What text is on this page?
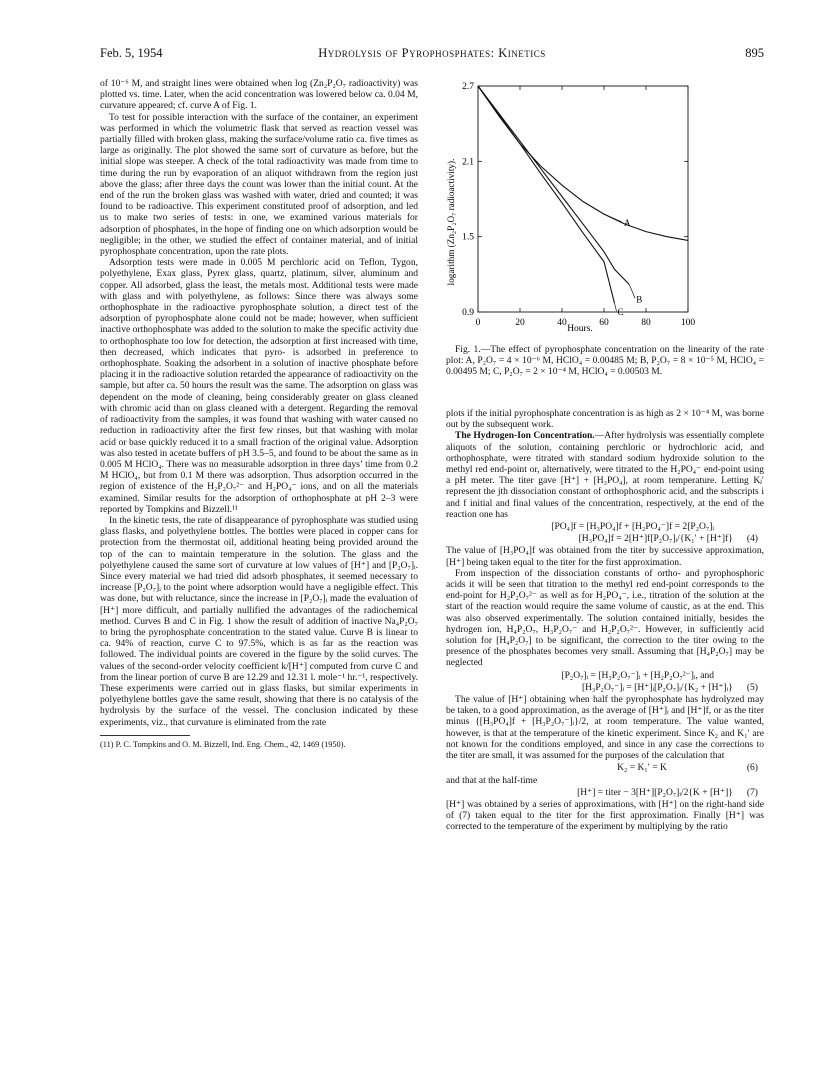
Feb. 5, 1954	Hydrolysis of Pyrophosphates: Kinetics	895

of 10⁻⁶ M, and straight lines were obtained when log (Zn₂P₂O₇ radioactivity) was plotted vs. time. Later, when the acid concentration was lowered below ca. 0.04 M, curvature appeared; cf. curve A of Fig. 1.

To test for possible interaction with the surface of the container, an experiment was performed in which the volumetric flask that served as reaction vessel was partially filled with broken glass, making the surface/volume ratio ca. five times as large as originally. The plot showed the same sort of curvature as before, but the initial slope was steeper. A check of the total radioactivity was made from time to time during the run by evaporation of an aliquot withdrawn from the region just above the glass; after three days the count was lower than the initial count. At the end of the run the broken glass was washed with water, dried and counted; it was found to be radioactive. This experiment constituted proof of adsorption, and led us to make two series of tests: in one, we examined various materials for adsorption of phosphates, in the hope of finding one on which adsorption would be negligible; in the other, we studied the effect of container material, and of initial pyrophosphate concentration, upon the rate plots.

Adsorption tests were made in 0.005 M perchloric acid on Teflon, Tygon, polyethylene, Exax glass, Pyrex glass, quartz, platinum, silver, aluminum and copper. All adsorbed, glass the least, the metals most. Additional tests were made with glass and with polyethylene, as follows: Since there was always some orthophosphate in the radioactive pyrophosphate solution, a direct test of the adsorption of pyrophosphate alone could not be made; however, when sufficient inactive orthophosphate was added to the solution to make the specific activity due to orthophosphate too low for detection, the adsorption at first increased with time, then decreased, which indicates that pyro- is adsorbed in preference to orthophosphate. Soaking the adsorbent in a solution of inactive phosphate before placing it in the radioactive solution retarded the appearance of radioactivity on the sample, but after ca. 50 hours the result was the same. The adsorption on glass was dependent on the mode of cleaning, being considerably greater on glass cleaned with chromic acid than on glass cleaned with a detergent. Regarding the removal of radioactivity from the samples, it was found that washing with water caused no reduction in radioactivity after the first few rinses, but that washing with molar acid or base quickly reduced it to a small fraction of the original value. Adsorption was also tested in acetate buffers of pH 3.5–5, and found to be about the same as in 0.005 M HClO₄. There was no measurable adsorption in three days’ time from 0.2 M HClO₄, but from 0.1 M there was adsorption. Thus adsorption occurred in the region of existence of the H₂P₂O₇²⁻ and H₂PO₄⁻ ions, and on all the materials examined. Similar results for the adsorption of orthophosphate at pH 2–3 were reported by Tompkins and Bizzell.¹¹

In the kinetic tests, the rate of disappearance of pyrophosphate was studied using glass flasks, and polyethylene bottles. The bottles were placed in copper cans for protection from the thermostat oil, additional heating being provided around the top of the can to maintain temperature in the solution. The glass and the polyethylene caused the same sort of curvature at low values of [H⁺] and [P₂O₇]ᵢ. Since every material we had tried did adsorb phosphates, it seemed necessary to increase [P₂O₇]ᵢ to the point where adsorption would have a negligible effect. This was done, but with reluctance, since the increase in [P₂O₇]ᵢ made the evaluation of [H⁺] more difficult, and partially nullified the advantages of the radiochemical method. Curves B and C in Fig. 1 show the result of addition of inactive Na₄P₂O₇ to bring the pyrophosphate concentration to the stated value. Curve B is linear to ca. 94% of reaction, curve C to 97.5%, which is as far as the reaction was followed. The individual points are covered in the figure by the solid curves. The values of the second-order velocity coefficient k/[H⁺] computed from curve C and from the linear portion of curve B are 12.29 and 12.31 l. mole⁻¹ hr.⁻¹, respectively. These experiments were carried out in glass flasks, but similar experiments in polyethylene bottles gave the same result, showing that there is no catalysis of the hydrolysis by the surface of the vessel. The conclusion indicated by these experiments, viz., that curvature is eliminated from the rate

(11) P. C. Tompkins and O. M. Bizzell, Ind. Eng. Chem., 42, 1469 (1950).

0	20	40	60	80	100
0.9
1.5
2.1
2.7
A
B
C
logarithm (Zn₂P₂O₇ radioactivity).
Hours.
Fig. 1.—The effect of pyrophosphate concentration on the linearity of the rate plot: A, P₂O₇ = 4 × 10⁻⁶ M, HClO₄ = 0.00485 M; B, P₂O₇ = 8 × 10⁻⁵ M, HClO₄ = 0.00495 M; C, P₂O₇ = 2 × 10⁻⁴ M, HClO₄ = 0.00503 M.

plots if the initial pyrophosphate concentration is as high as 2 × 10⁻⁴ M, was borne out by the subsequent work.

The Hydrogen-Ion Concentration.—After hydrolysis was essentially complete aliquots of the solution, containing perchloric or hydrochloric acid, and orthophosphate, were titrated with standard sodium hydroxide solution to the methyl red end-point or, alternatively, were titrated to the H₂PO₄⁻ end-point using a pH meter. The titer gave [H⁺] + [H₃PO₄], at room temperature. Letting Kⱼ′ represent the jth dissociation constant of orthophosphoric acid, and the subscripts i and f initial and final values of the concentration, respectively, at the end of the reaction one has

[PO₄]f = [H₃PO₄]f + [H₂PO₄⁻]f = 2[P₂O₇]ᵢ
[H₃PO₄]f = 2[H⁺]f[P₂O₇]ᵢ/{K₁′ + [H⁺]f} (4)

The value of [H₃PO₄]f was obtained from the titer by successive approximation, [H⁺] being taken equal to the titer for the first approximation.

From inspection of the dissociation constants of ortho- and pyrophosphoric acids it will be seen that titration to the methyl red end-point corresponds to the end-point for H₂P₂O₇²⁻ as well as for H₂PO₄⁻, i.e., titration of the solution at the start of the reaction would require the same volume of caustic, as at the end. This was also observed experimentally. The solution contained initially, besides the hydrogen ion, H₄P₂O₇, H₃P₂O₇⁻ and H₂P₂O₇²⁻. However, in sufficiently acid solution for [H₄P₂O₇] to be significant, the correction to the titer owing to the presence of the phosphates becomes very small. Assuming that [H₄P₂O₇] may be neglected

[P₂O₇]ᵢ = [H₃P₂O₇⁻]ᵢ + [H₂P₂O₇²⁻]ᵢ, and
[H₃P₂O₇⁻]ᵢ = [H⁺]ᵢ[P₂O₇]ᵢ/{K₂ + [H⁺]ᵢ} (5)

The value of [H⁺] obtaining when half the pyrophosphate has hydrolyzed may be taken, to a good approximation, as the average of [H⁺]ᵢ and [H⁺]f, or as the titer minus {[H₃PO₄]f + [H₃P₂O₇⁻]ᵢ}/2, at room temperature. The value wanted, however, is that at the temperature of the kinetic experiment. Since K₂ and K₁′ are not known for the conditions employed, and since in any case the corrections to the titer are small, it was assumed for the purposes of the calculation that

K₂ = K₁′ = K	(6)

and that at the half-time

[H⁺] = titer − 3[H⁺][P₂O₇]ᵢ/2{K + [H⁺]} (7)

[H⁺] was obtained by a series of approximations, with [H⁺] on the right-hand side of (7) taken equal to the titer for the first approximation. Finally [H⁺] was corrected to the temperature of the experiment by multiplying by the ratio
